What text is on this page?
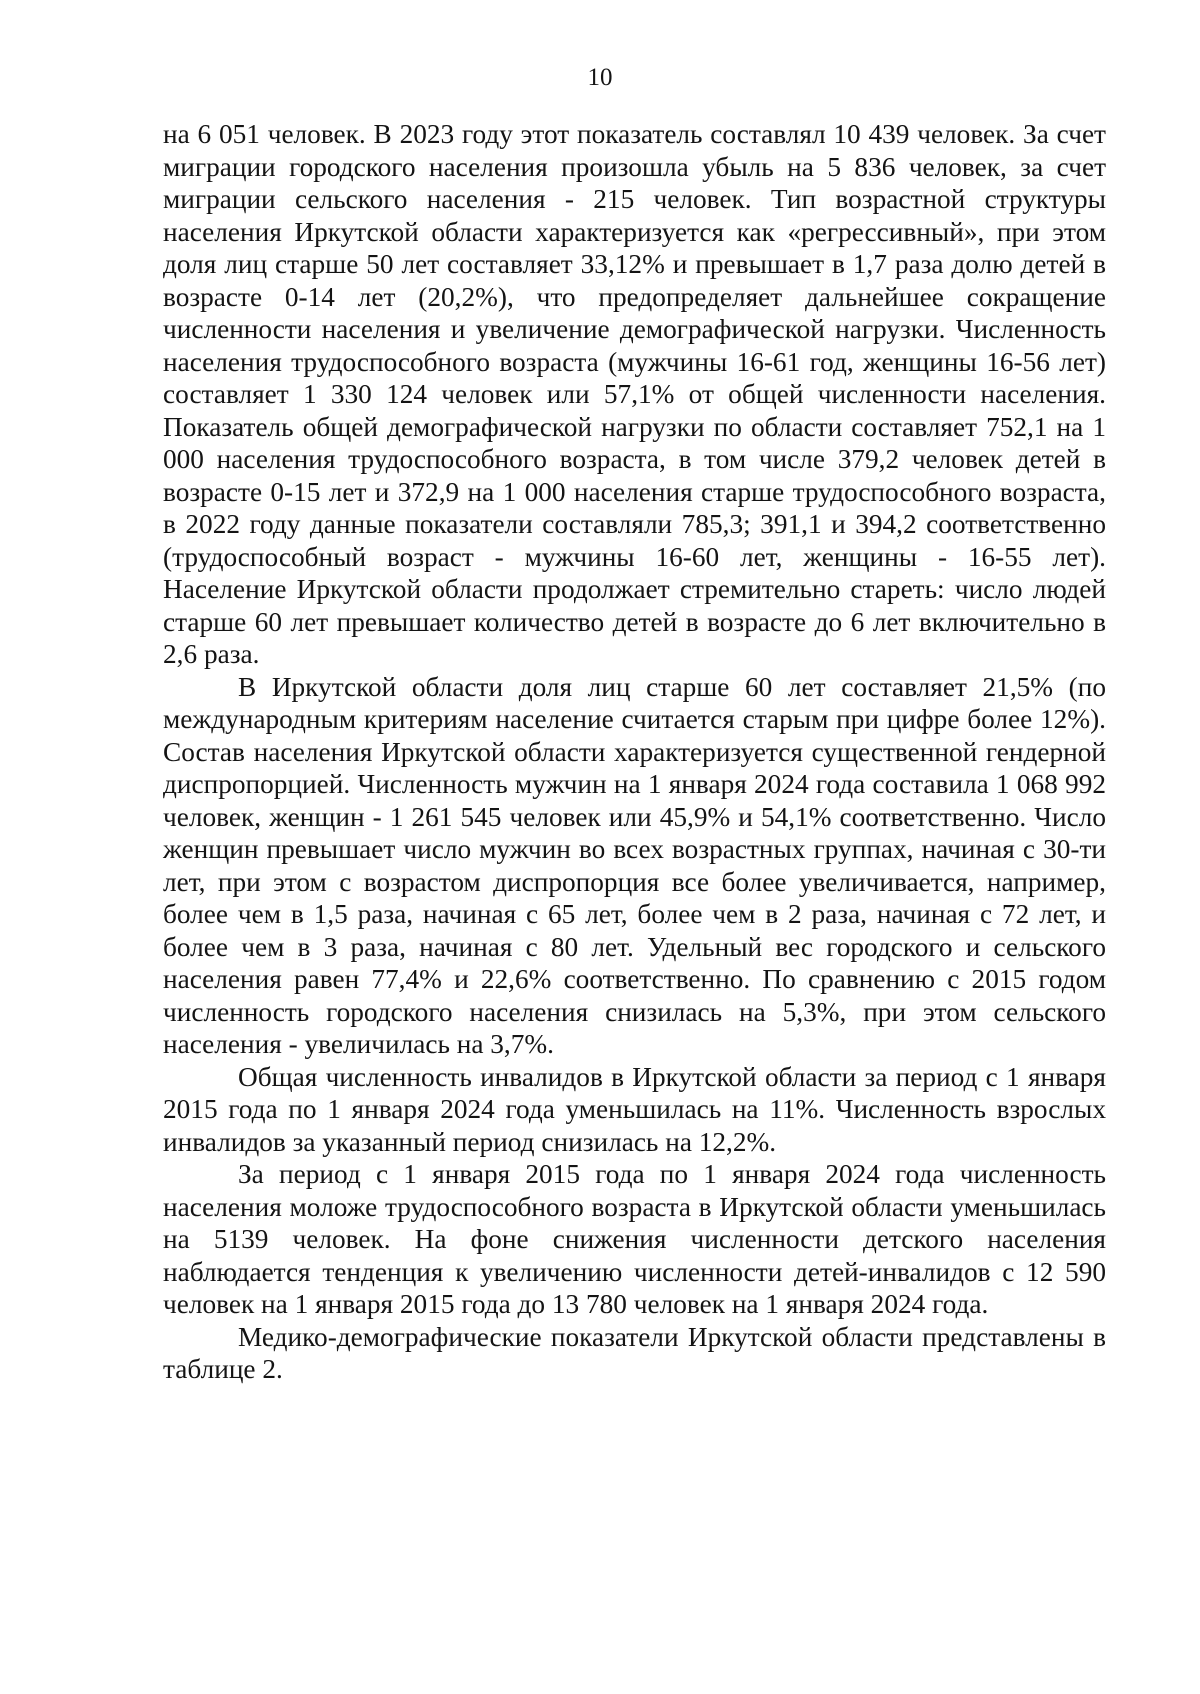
10

на 6 051 человек. В 2023 году этот показатель составлял 10 439 человек. За счет миграции городского населения произошла убыль на 5 836 человек, за счет миграции сельского населения - 215 человек. Тип возрастной структуры населения Иркутской области характеризуется как «регрессивный», при этом доля лиц старше 50 лет составляет 33,12% и превышает в 1,7 раза долю детей в возрасте 0-14 лет (20,2%), что предопределяет дальнейшее сокращение численности населения и увеличение демографической нагрузки. Численность населения трудоспособного возраста (мужчины 16-61 год, женщины 16-56 лет) составляет 1 330 124 человек или 57,1% от общей численности населения. Показатель общей демографической нагрузки по области составляет 752,1 на 1 000 населения трудоспособного возраста, в том числе 379,2 человек детей в возрасте 0-15 лет и 372,9 на 1 000 населения старше трудоспособного возраста, в 2022 году данные показатели составляли 785,3; 391,1 и 394,2 соответственно (трудоспособный возраст - мужчины 16-60 лет, женщины - 16-55 лет). Население Иркутской области продолжает стремительно стареть: число людей старше 60 лет превышает количество детей в возрасте до 6 лет включительно в 2,6 раза.

В Иркутской области доля лиц старше 60 лет составляет 21,5% (по международным критериям население считается старым при цифре более 12%). Состав населения Иркутской области характеризуется существенной гендерной диспропорцией. Численность мужчин на 1 января 2024 года составила 1 068 992 человек, женщин - 1 261 545 человек или 45,9% и 54,1% соответственно. Число женщин превышает число мужчин во всех возрастных группах, начиная с 30-ти лет, при этом с возрастом диспропорция все более увеличивается, например, более чем в 1,5 раза, начиная с 65 лет, более чем в 2 раза, начиная с 72 лет, и более чем в 3 раза, начиная с 80 лет. Удельный вес городского и сельского населения равен 77,4% и 22,6% соответственно. По сравнению с 2015 годом численность городского населения снизилась на 5,3%, при этом сельского населения - увеличилась на 3,7%.

Общая численность инвалидов в Иркутской области за период с 1 января 2015 года по 1 января 2024 года уменьшилась на 11%. Численность взрослых инвалидов за указанный период снизилась на 12,2%.

За период с 1 января 2015 года по 1 января 2024 года численность населения моложе трудоспособного возраста в Иркутской области уменьшилась на 5139 человек. На фоне снижения численности детского населения наблюдается тенденция к увеличению численности детей-инвалидов с 12 590 человек на 1 января 2015 года до 13 780 человек на 1 января 2024 года.

Медико-демографические показатели Иркутской области представлены в таблице 2.
